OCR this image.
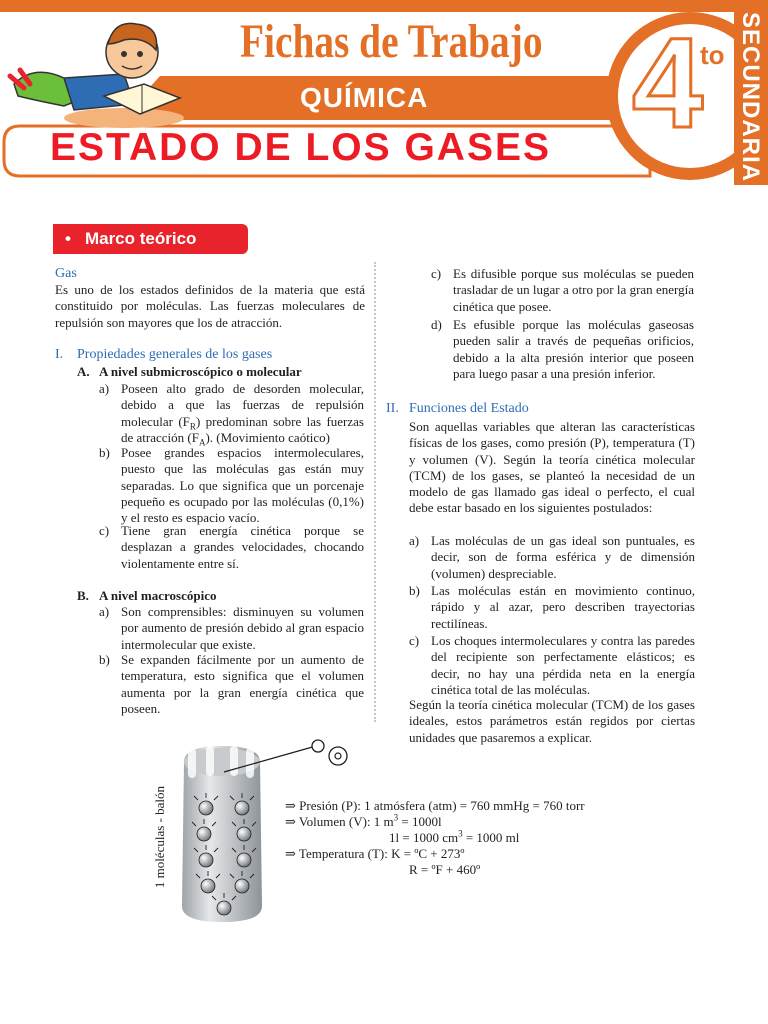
Fichas de Trabajo
QUÍMICA
ESTADO DE LOS GASES 4
to SECUNDARIA
• Marco teórico
Gas
Es uno de los estados definidos de la materia que está constituido por moléculas. Las fuerzas moleculares de repulsión son mayores que los de atracción.
I. Propiedades generales de los gases
A. A nivel submicroscópico o molecular
a) Poseen alto grado de desorden molecular, debido a que las fuerzas de repulsión molecular $(F_R)$ predominan sobre las fuerzas de atracción $(F_A)$. (Movimiento caótico)
b) Posee grandes espacios intermoleculares, puesto que las moléculas gas están muy separadas. Lo que significa que un porcenaje pequeño es ocupado por las moléculas (0,1%) y el resto es espacio vacío.
c) Tiene gran energía cinética porque se desplazan a grandes velocidades, chocando violentamente entre sí.
B. A nivel macroscópico
a) Son comprensibles: disminuyen su volumen por aumento de presión debido al gran espacio intermolecular que existe.
b) Se expanden fácilmente por un aumento de temperatura, esto significa que el volumen aumenta por la gran energía cinética que poseen.
c) Es difusible porque sus moléculas se pueden trasladar de un lugar a otro por la gran energía cinética que posee.
d) Es efusible porque las moléculas gaseosas pueden salir a través de pequeñas orificios, debido a la alta presión interior que poseen para luego pasar a una presión inferior.
II. Funciones del Estado
Son aquellas variables que alteran las características físicas de los gases, como presión (P), temperatura (T) y volumen (V). Según la teoría cinética molecular (TCM) de los gases, se planteó la necesidad de un modelo de gas llamado gas ideal o perfecto, el cual debe estar basado en los siguientes postulados:
a) Las moléculas de un gas ideal son puntuales, es decir, son de forma esférica y de dimensión (volumen) despreciable.
b) Las moléculas están en movimiento continuo, rápido y al azar, pero describen trayectorias rectilíneas.
c) Los choques intermoleculares y contra las paredes del recipiente son perfectamente elásticos; es decir, no hay una pérdida neta en la energía cinética total de las moléculas.
Según la teoría cinética molecular (TCM) de los gases ideales, estos parámetros están regidos por ciertas unidades que pasaremos a explicar.
1 moléculas - balón	⇒ Presión (P): 1 atmósfera (atm) = 760 mmHg = 760 torr
⇒ Volumen (V): 1 $m^3 = 1000l$
1l = 1000 $cm^3 = 1000$ ml
⇒ Temperatura (T): K = ºC + 273º
R = ºF + 460º
